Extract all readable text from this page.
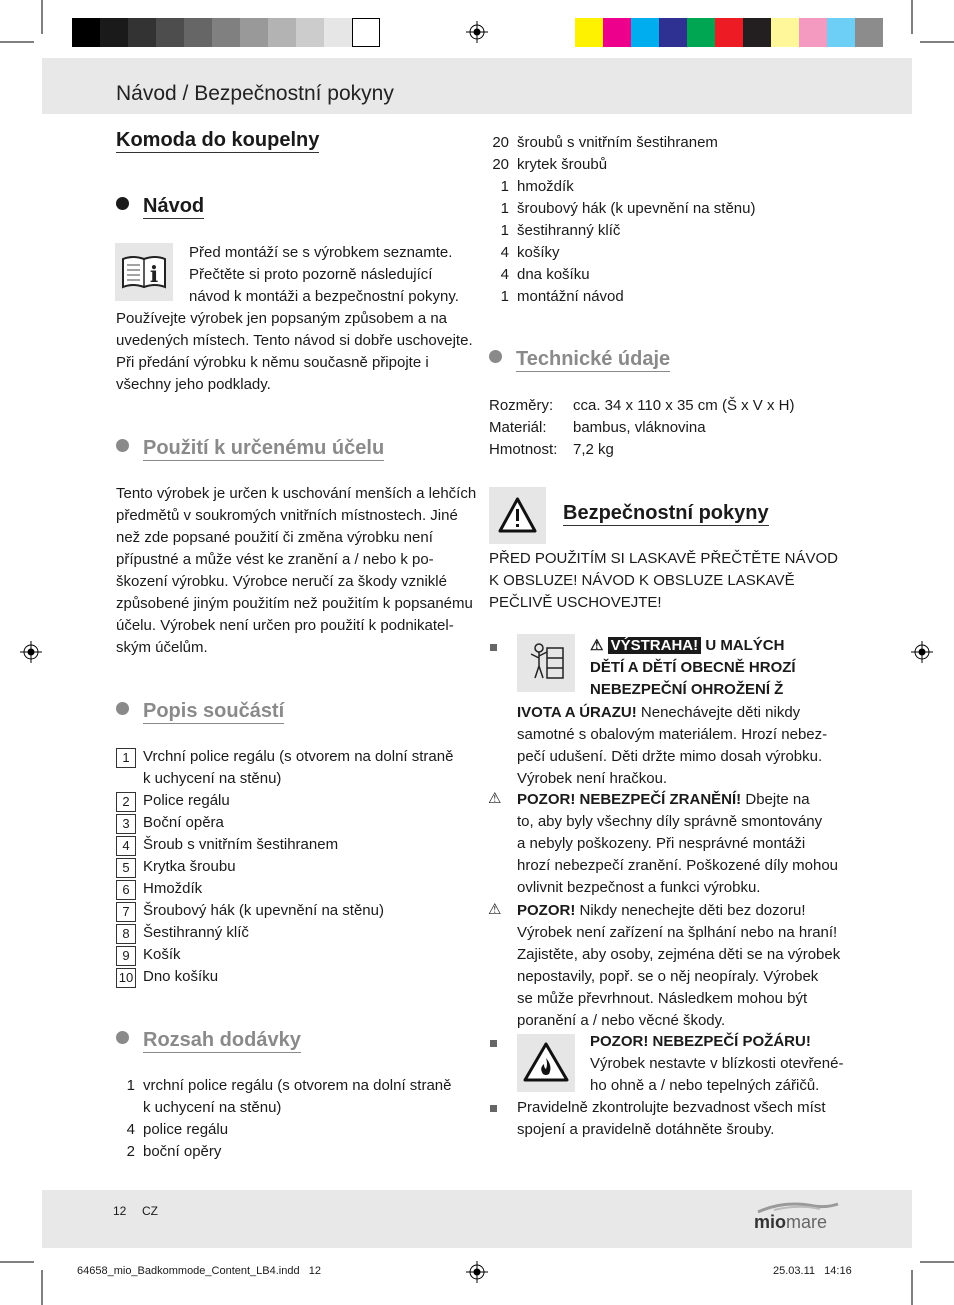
Návod / Bezpečnostní pokyny
Komoda do koupelny
Návod
i
Před montáží se s výrobkem seznamte.
Přečtěte si proto pozorně následující
návod k montáži a bezpečnostní pokyny.
Používejte výrobek jen popsaným způsobem a na
uvedených místech. Tento návod si dobře uschovejte.
Při předání výrobku k němu současně připojte i
všechny jeho podklady.
Použití k určenému účelu
Tento výrobek je určen k uschování menších a lehčích
předmětů v soukromých vnitřních místnostech. Jiné
než zde popsané použití či změna výrobku není
přípustné a může vést ke zranění a / nebo k po-
škození výrobku. Výrobce neručí za škody vzniklé
způsobené jiným použitím než použitím k popsanému
účelu. Výrobek není určen pro použití k podnikatel-
ským účelům.
Popis součástí
1 Vrchní police regálu (s otvorem na dolní straně
k uchycení na stěnu)
2 Police regálu
3 Boční opěra
4 Šroub s vnitřním šestihranem
5 Krytka šroubu
6 Hmoždík
7 Šroubový hák (k upevnění na stěnu)
8 Šestihranný klíč
9 Košík
10 Dno košíku
Rozsah dodávky
1 vrchní police regálu (s otvorem na dolní straně
k uchycení na stěnu)
4 police regálu
2 boční opěry
20 šroubů s vnitřním šestihranem
20 krytek šroubů
1 hmoždík
1 šroubový hák (k upevnění na stěnu)
1 šestihranný klíč
4 košíky
4 dna košíku
1 montážní návod
Technické údaje
Rozměry: cca. 34 x 110 x 35 cm (Š x V x H)
Materiál: bambus, vláknovina
Hmotnost: 7,2 kg
Bezpečnostní pokyny
PŘED POUŽITÍM SI LASKAVĚ PŘEČTĚTE NÁVOD
K OBSLUZE! NÁVOD K OBSLUZE LASKAVĚ
PEČLIVĚ USCHOVEJTE!
⚠ VÝSTRAHA! U MALÝCH
DĚTÍ A DĚTÍ OBECNĚ HROZÍ
NEBEZPEČNÍ OHROŽENÍ Ž
IVOTA A ÚRAZU! Nenechávejte děti nikdy
samotné s obalovým materiálem. Hrozí nebez-
pečí udušení. Děti držte mimo dosah výrobku.
Výrobek není hračkou.
⚠ POZOR! NEBEZPEČÍ ZRANĚNÍ! Dbejte na
to, aby byly všechny díly správně smontovány
a nebyly poškozeny. Při nesprávné montáži
hrozí nebezpečí zranění. Poškozené díly mohou
ovlivnit bezpečnost a funkci výrobku.
⚠ POZOR! Nikdy nenechejte děti bez dozoru!
Výrobek není zařízení na šplhání nebo na hraní!
Zajistěte, aby osoby, zejména děti se na výrobek
nepostavily, popř. se o něj neopíraly. Výrobek
se může převrhnout. Následkem mohou být
poranění a / nebo věcné škody.
POZOR! NEBEZPEČÍ POŽÁRU!
Výrobek nestavte v blízkosti otevřené-
ho ohně a / nebo tepelných zářičů.
Pravidelně zkontrolujte bezvadnost všech míst
spojení a pravidelně dotáhněte šrouby.
12 CZ
miomare
64658_mio_Badkommode_Content_LB4.indd   12	25.03.11   14:16
